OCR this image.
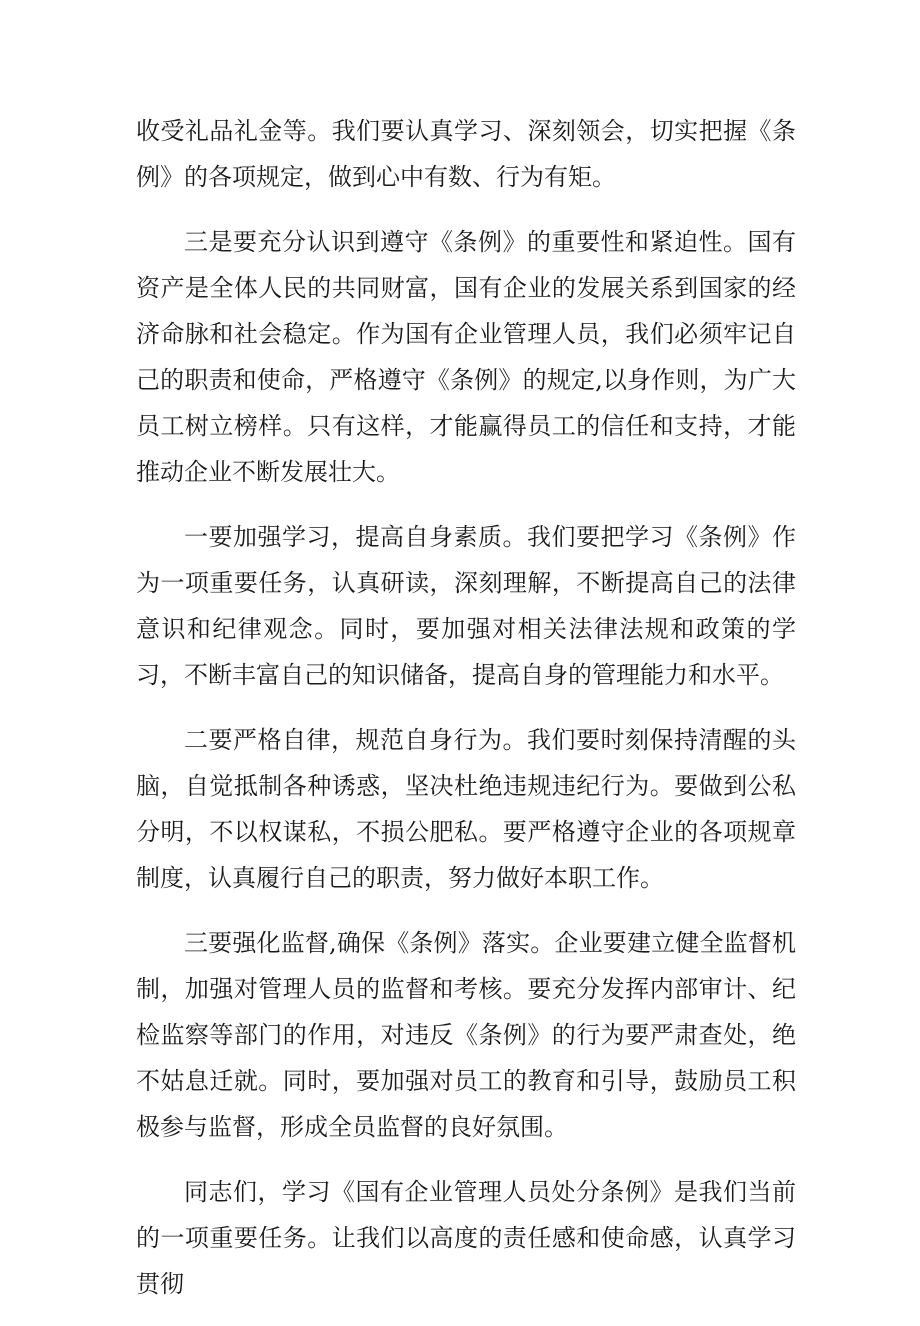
收受礼品礼金等。我们要认真学习、深刻领会，切实把握《条例》的各项规定，做到心中有数、行为有矩。

三是要充分认识到遵守《条例》的重要性和紧迫性。国有资产是全体人民的共同财富，国有企业的发展关系到国家的经济命脉和社会稳定。作为国有企业管理人员，我们必须牢记自己的职责和使命，严格遵守《条例》的规定,以身作则，为广大员工树立榜样。只有这样，才能赢得员工的信任和支持，才能推动企业不断发展壮大。

一要加强学习，提高自身素质。我们要把学习《条例》作为一项重要任务，认真研读，深刻理解，不断提高自己的法律意识和纪律观念。同时，要加强对相关法律法规和政策的学习，不断丰富自己的知识储备，提高自身的管理能力和水平。

二要严格自律，规范自身行为。我们要时刻保持清醒的头脑，自觉抵制各种诱惑，坚决杜绝违规违纪行为。要做到公私分明，不以权谋私，不损公肥私。要严格遵守企业的各项规章制度，认真履行自己的职责，努力做好本职工作。

三要强化监督,确保《条例》落实。企业要建立健全监督机制，加强对管理人员的监督和考核。要充分发挥内部审计、纪检监察等部门的作用，对违反《条例》的行为要严肃查处，绝不姑息迁就。同时，要加强对员工的教育和引导，鼓励员工积极参与监督，形成全员监督的良好氛围。

同志们，学习《国有企业管理人员处分条例》是我们当前的一项重要任务。让我们以高度的责任感和使命感，认真学习贯彻
